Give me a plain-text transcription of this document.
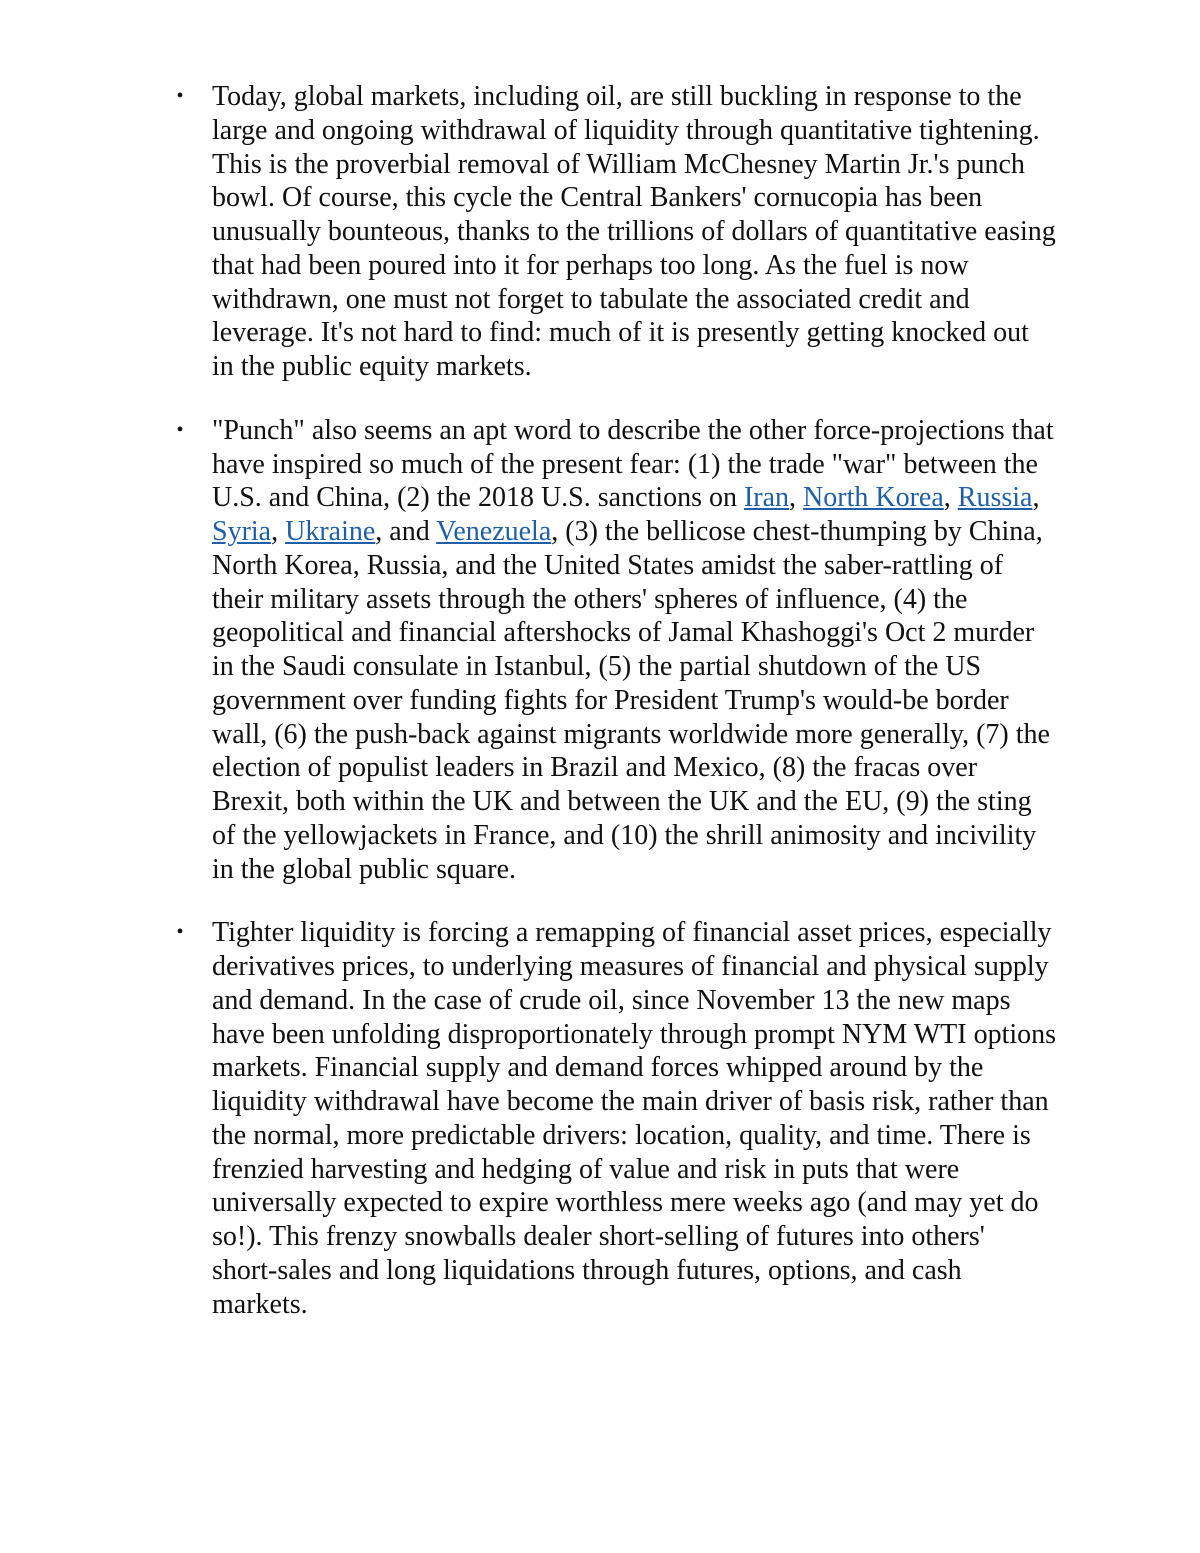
• Today, global markets, including oil, are still buckling in response to the large and ongoing withdrawal of liquidity through quantitative tightening. This is the proverbial removal of William McChesney Martin Jr.'s punch bowl. Of course, this cycle the Central Bankers' cornucopia has been unusually bounteous, thanks to the trillions of dollars of quantitative easing that had been poured into it for perhaps too long. As the fuel is now withdrawn, one must not forget to tabulate the associated credit and leverage. It's not hard to find: much of it is presently getting knocked out in the public equity markets.
• "Punch" also seems an apt word to describe the other force-projections that have inspired so much of the present fear: (1) the trade "war" between the U.S. and China, (2) the 2018 U.S. sanctions on Iran, North Korea, Russia, Syria, Ukraine, and Venezuela, (3) the bellicose chest-thumping by China, North Korea, Russia, and the United States amidst the saber-rattling of their military assets through the others' spheres of influence, (4) the geopolitical and financial aftershocks of Jamal Khashoggi's Oct 2 murder in the Saudi consulate in Istanbul, (5) the partial shutdown of the US government over funding fights for President Trump's would-be border wall, (6) the push-back against migrants worldwide more generally, (7) the election of populist leaders in Brazil and Mexico, (8) the fracas over Brexit, both within the UK and between the UK and the EU, (9) the sting of the yellowjackets in France, and (10) the shrill animosity and incivility in the global public square.
• Tighter liquidity is forcing a remapping of financial asset prices, especially derivatives prices, to underlying measures of financial and physical supply and demand. In the case of crude oil, since November 13 the new maps have been unfolding disproportionately through prompt NYM WTI options markets. Financial supply and demand forces whipped around by the liquidity withdrawal have become the main driver of basis risk, rather than the normal, more predictable drivers: location, quality, and time. There is frenzied harvesting and hedging of value and risk in puts that were universally expected to expire worthless mere weeks ago (and may yet do so!). This frenzy snowballs dealer short-selling of futures into others' short-sales and long liquidations through futures, options, and cash markets.
